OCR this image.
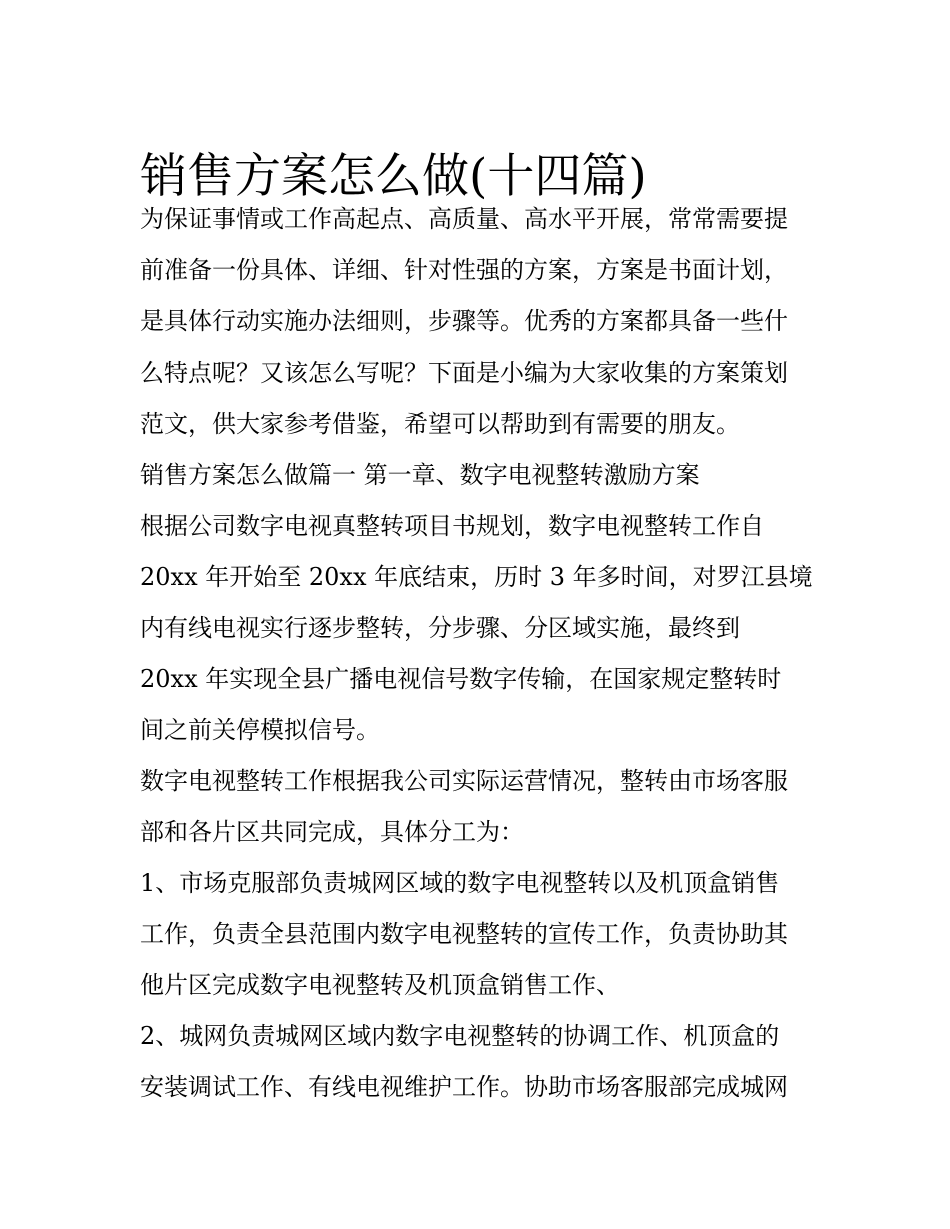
销售方案怎么做(十四篇)
为保证事情或工作高起点、高质量、高水平开展，常常需要提
前准备一份具体、详细、针对性强的方案，方案是书面计划，
是具体行动实施办法细则，步骤等。优秀的方案都具备一些什
么特点呢？又该怎么写呢？下面是小编为大家收集的方案策划
范文，供大家参考借鉴，希望可以帮助到有需要的朋友。
销售方案怎么做篇一 第一章、数字电视整转激励方案
根据公司数字电视真整转项目书规划，数字电视整转工作自
20xx 年开始至 20xx 年底结束，历时 3 年多时间，对罗江县境
内有线电视实行逐步整转，分步骤、分区域实施，最终到
20xx 年实现全县广播电视信号数字传输，在国家规定整转时
间之前关停模拟信号。
数字电视整转工作根据我公司实际运营情况，整转由市场客服
部和各片区共同完成，具体分工为：
1、市场克服部负责城网区域的数字电视整转以及机顶盒销售
工作，负责全县范围内数字电视整转的宣传工作，负责协助其
他片区完成数字电视整转及机顶盒销售工作、
2、城网负责城网区域内数字电视整转的协调工作、机顶盒的
安装调试工作、有线电视维护工作。协助市场客服部完成城网
